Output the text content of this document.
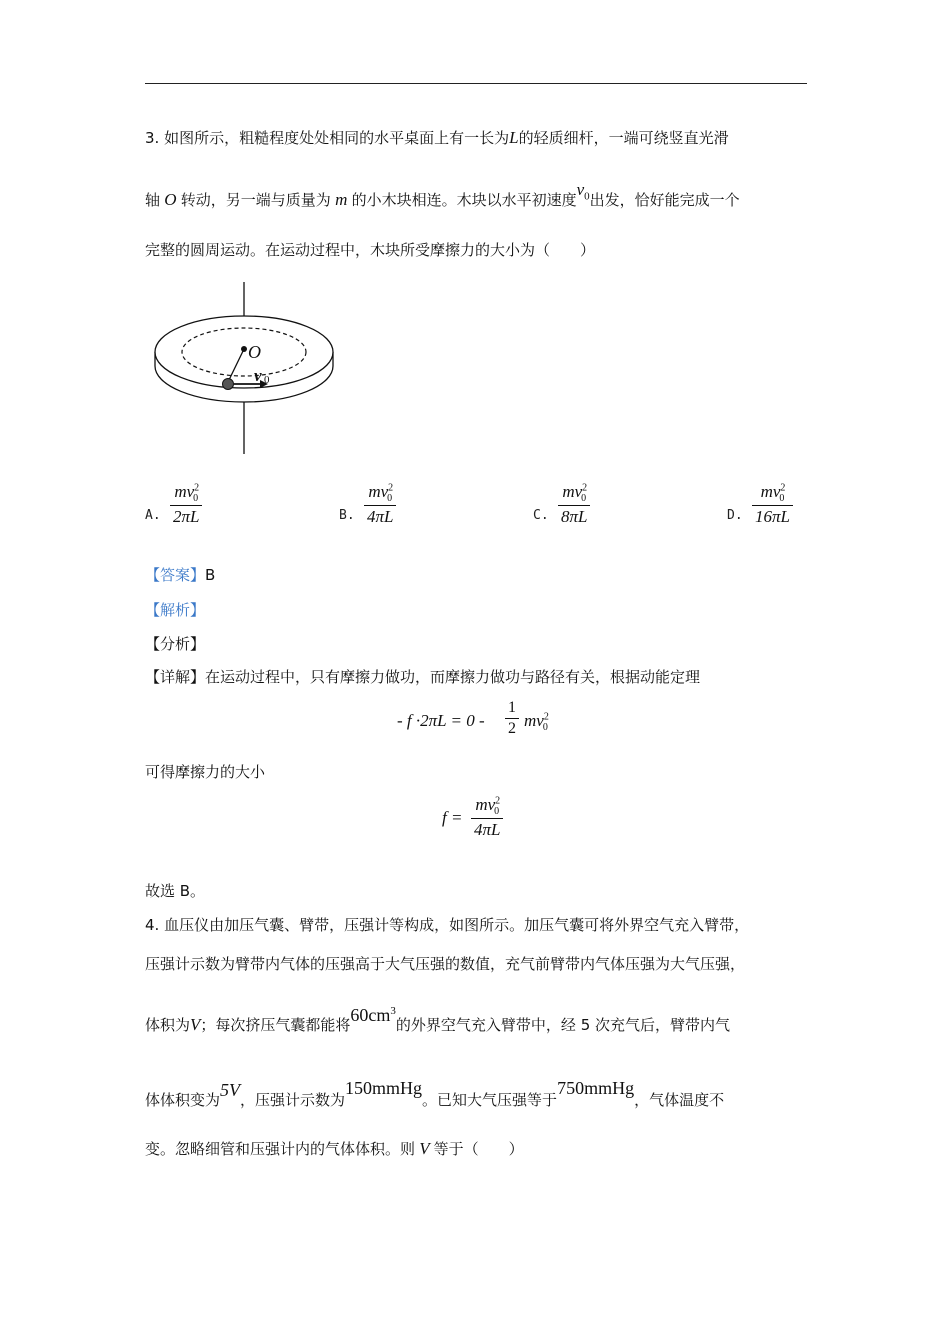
3. 如图所示，粗糙程度处处相同的水平桌面上有一长为L的轻质细杆，一端可绕竖直光滑
轴 O 转动，另一端与质量为 m 的小木块相连。木块以水平初速度$v_0$出发，恰好能完成一个
完整的圆周运动。在运动过程中，木块所受摩擦力的大小为（　　）
O
v 0
A. $\frac{mv^2_0}{2\pi L}$	B. $\frac{mv^2_0}{4\pi L}$	C. $\frac{mv^2_0}{8\pi L}$	D. $\frac{mv^2_0}{16\pi L}$
【答案】B
【解析】
【分析】
【详解】在运动过程中，只有摩擦力做功，而摩擦力做功与路径有关，根据动能定理
- $f \cdot 2\pi L = 0 - \frac{1}{2} mv^2_0$
可得摩擦力的大小
$f = \frac{mv^2_0}{4\pi L}$
故选 B。
4. 血压仪由加压气囊、臂带，压强计等构成，如图所示。加压气囊可将外界空气充入臂带，
压强计示数为臂带内气体的压强高于大气压强的数值，充气前臂带内气体压强为大气压强，
体积为V；每次挤压气囊都能将$60cm^3$的外界空气充入臂带中，经 5 次充气后，臂带内气
体体积变为5V，压强计示数为150mmHg。已知大气压强等于750mmHg，气体温度不
变。忽略细管和压强计内的气体体积。则 V 等于（　　）
